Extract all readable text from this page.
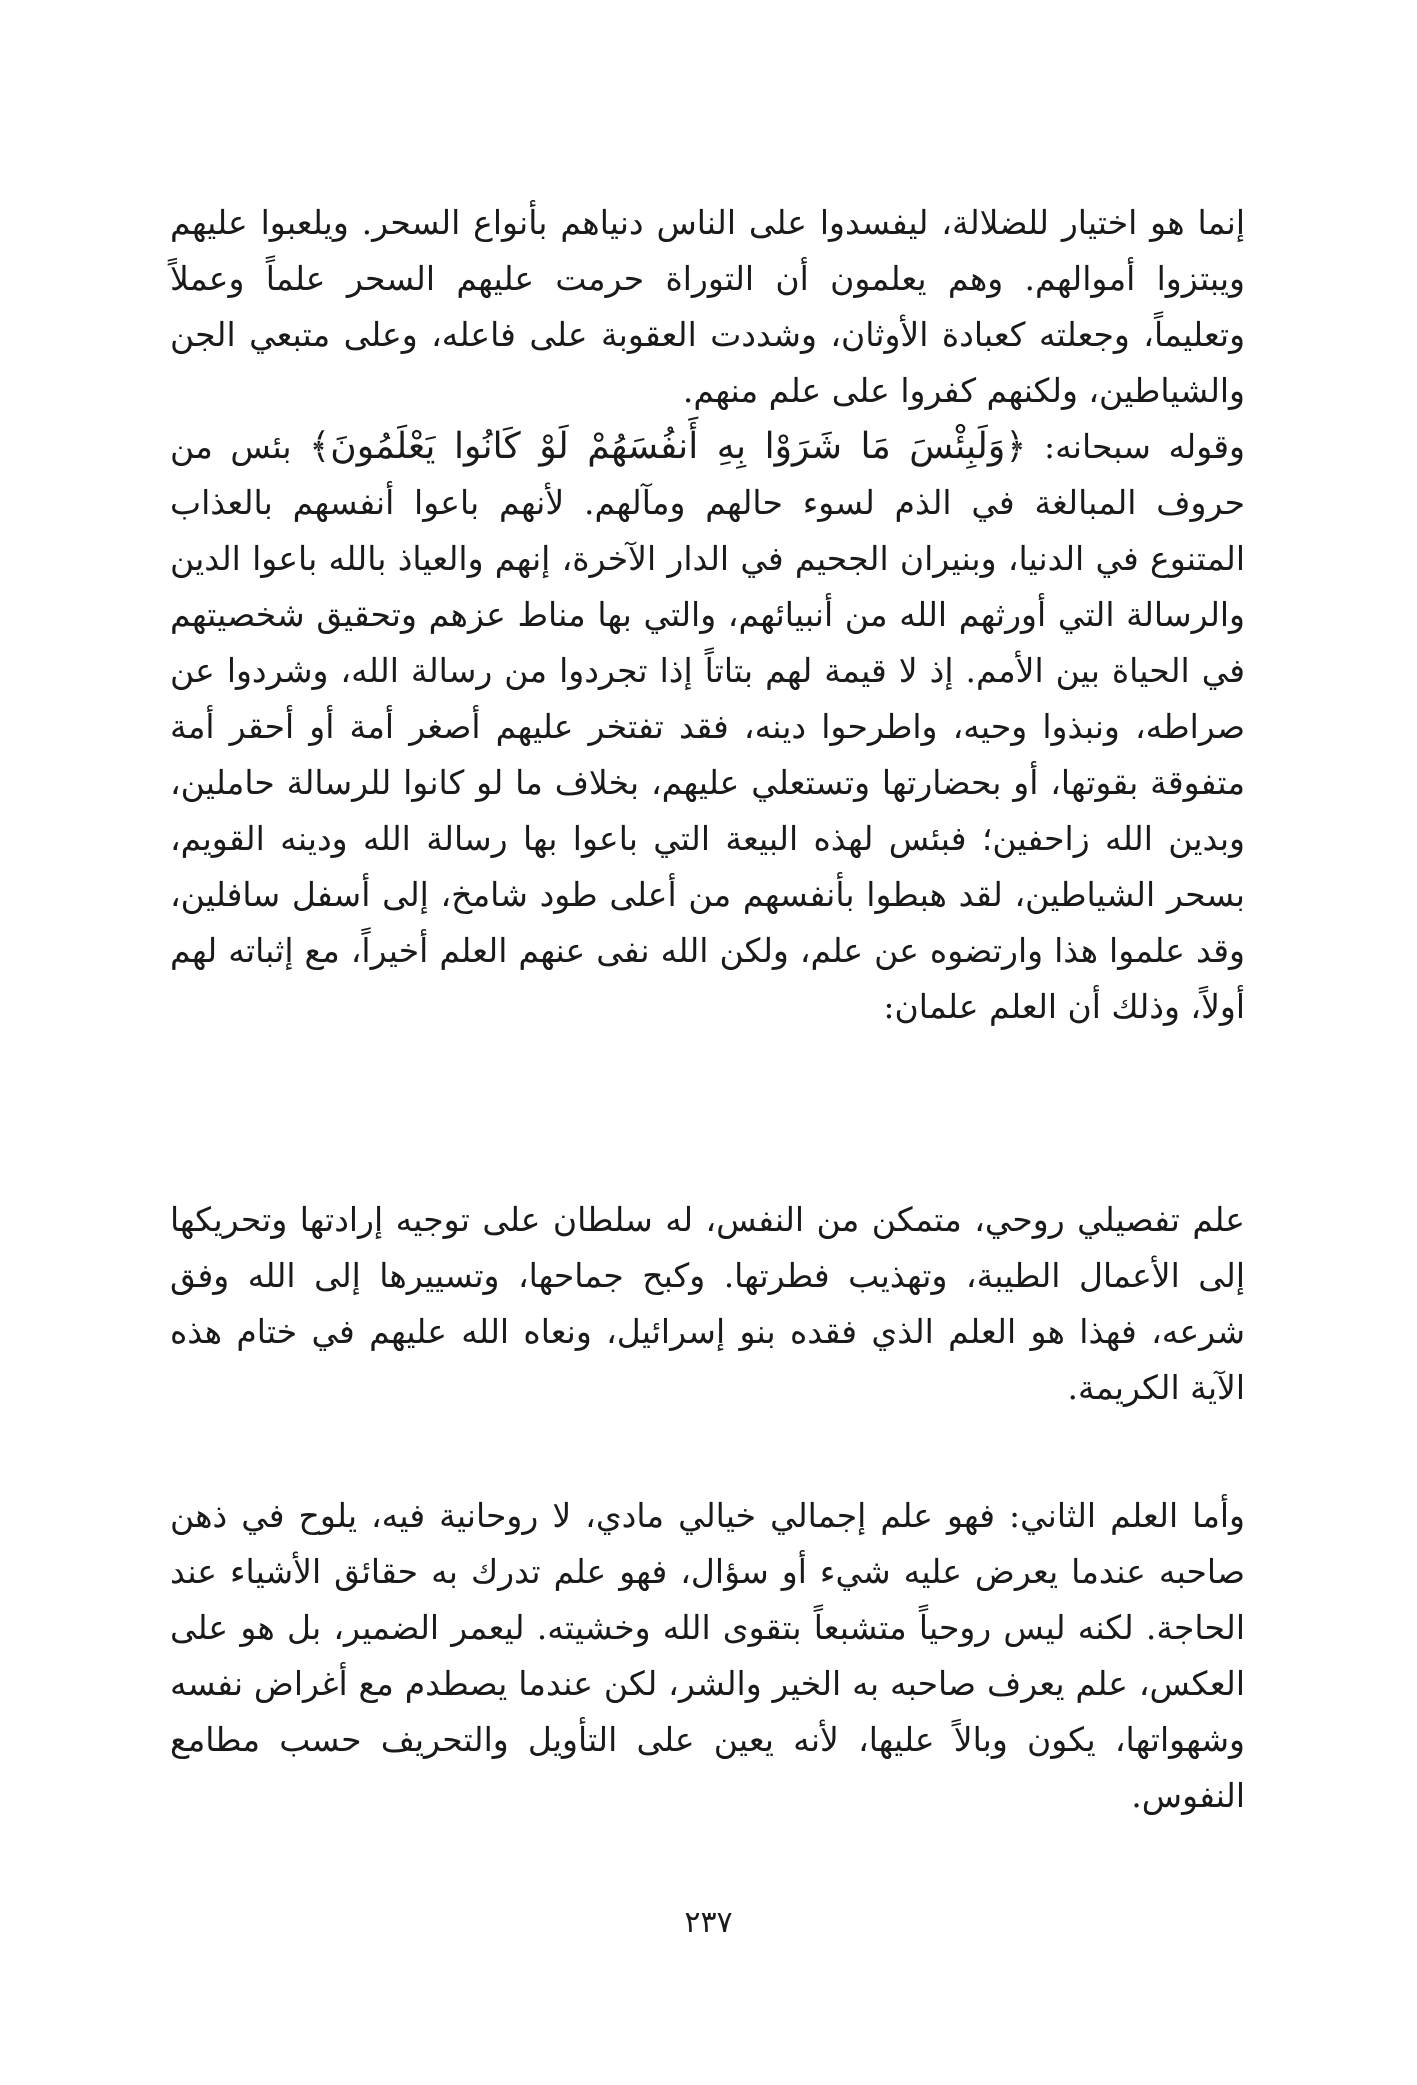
إنما هو اختيار للضلالة، ليفسدوا على الناس دنياهم بأنواع السحر. ويلعبوا عليهم ويبتزوا أموالهم. وهم يعلمون أن التوراة حرمت عليهم السحر علماً وعملاً وتعليماً، وجعلته كعبادة الأوثان، وشددت العقوبة على فاعله، وعلى متبعي الجن والشياطين، ولكنهم كفروا على علم منهم.
وقوله سبحانه: ﴿وَلَبِئْسَ مَا شَرَوْا بِهِ أَنفُسَهُمْ لَوْ كَانُوا يَعْلَمُونَ﴾ بئس من حروف المبالغة في الذم لسوء حالهم ومآلهم. لأنهم باعوا أنفسهم بالعذاب المتنوع في الدنيا، وبنيران الجحيم في الدار الآخرة، إنهم والعياذ بالله باعوا الدين والرسالة التي أورثهم الله من أنبيائهم، والتي بها مناط عزهم وتحقيق شخصيتهم في الحياة بين الأمم. إذ لا قيمة لهم بتاتاً إذا تجردوا من رسالة الله، وشردوا عن صراطه، ونبذوا وحيه، واطرحوا دينه، فقد تفتخر عليهم أصغر أمة أو أحقر أمة متفوقة بقوتها، أو بحضارتها وتستعلي عليهم، بخلاف ما لو كانوا للرسالة حاملين، وبدين الله زاحفين؛ فبئس لهذه البيعة التي باعوا بها رسالة الله ودينه القويم، بسحر الشياطين، لقد هبطوا بأنفسهم من أعلى طود شامخ، إلى أسفل سافلين، وقد علموا هذا وارتضوه عن علم، ولكن الله نفى عنهم العلم أخيراً، مع إثباته لهم أولاً، وذلك أن العلم علمان:

علم تفصيلي روحي، متمكن من النفس، له سلطان على توجيه إرادتها وتحريكها إلى الأعمال الطيبة، وتهذيب فطرتها. وكبح جماحها، وتسييرها إلى الله وفق شرعه، فهذا هو العلم الذي فقده بنو إسرائيل، ونعاه الله عليهم في ختام هذه الآية الكريمة.

وأما العلم الثاني: فهو علم إجمالي خيالي مادي، لا روحانية فيه، يلوح في ذهن صاحبه عندما يعرض عليه شيء أو سؤال، فهو علم تدرك به حقائق الأشياء عند الحاجة. لكنه ليس روحياً متشبعاً بتقوى الله وخشيته. ليعمر الضمير، بل هو على العكس، علم يعرف صاحبه به الخير والشر، لكن عندما يصطدم مع أغراض نفسه وشهواتها، يكون وبالاً عليها، لأنه يعين على التأويل والتحريف حسب مطامع النفوس.

٢٣٧
